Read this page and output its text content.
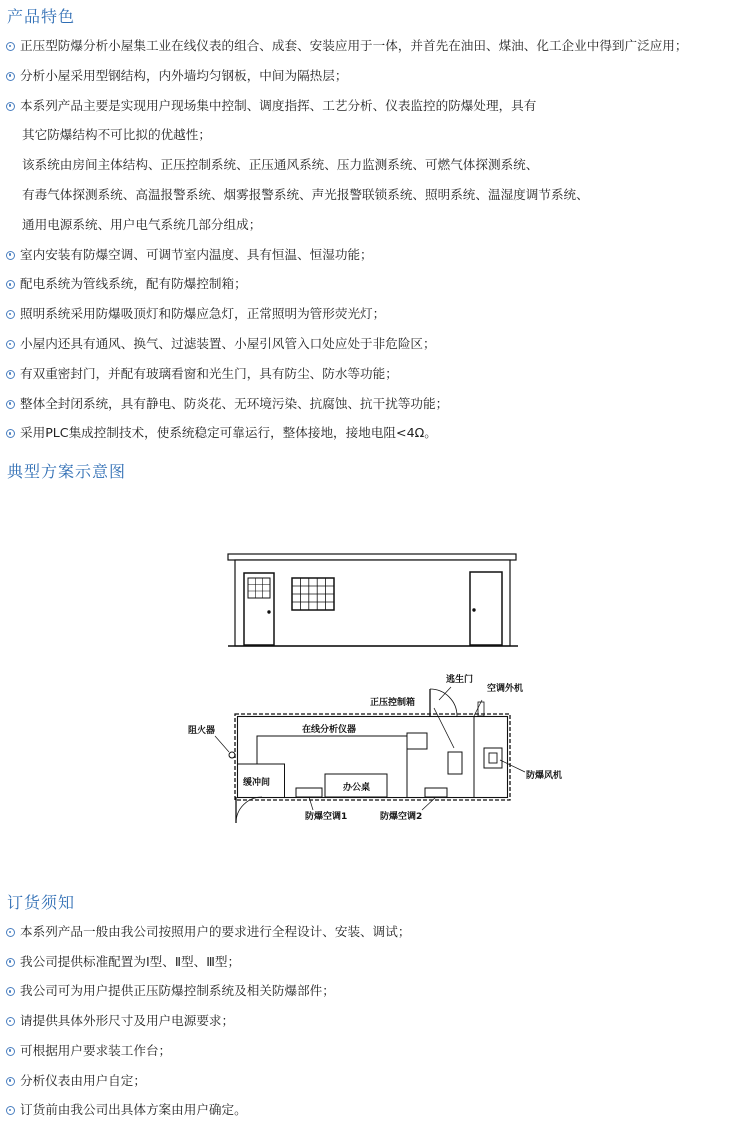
产品特色
正压型防爆分析小屋集工业在线仪表的组合、成套、安装应用于一体，并首先在油田、煤油、化工企业中得到广泛应用；
分析小屋采用型钢结构，内外墙均匀钢板，中间为隔热层；
本系列产品主要是实现用户现场集中控制、调度指挥、工艺分析、仪表监控的防爆处理，具有
其它防爆结构不可比拟的优越性；
该系统由房间主体结构、正压控制系统、正压通风系统、压力监测系统、可燃气体探测系统、
有毒气体探测系统、高温报警系统、烟雾报警系统、声光报警联锁系统、照明系统、温湿度调节系统、
通用电源系统、用户电气系统几部分组成；
室内安装有防爆空调、可调节室内温度、具有恒温、恒湿功能；
配电系统为管线系统，配有防爆控制箱；
照明系统采用防爆吸顶灯和防爆应急灯，正常照明为管形荧光灯；
小屋内还具有通风、换气、过滤装置、小屋引风管入口处应处于非危险区；
有双重密封门，并配有玻璃看窗和光生门，具有防尘、防水等功能；
整体全封闭系统，具有静电、防炎花、无环境污染、抗腐蚀、抗干扰等功能；
采用PLC集成控制技术，使系统稳定可靠运行，整体接地，接地电阻<4Ω。
典型方案示意图
逃生门
正压控制箱
空调外机
在线分析仪器
阻火器
缓冲间	办公桌
防爆风机
防爆空调1	防爆空调2
订货须知
本系列产品一般由我公司按照用户的要求进行全程设计、安装、调试；
我公司提供标准配置为Ⅰ型、Ⅱ型、Ⅲ型；
我公司可为用户提供正压防爆控制系统及相关防爆部件；
请提供具体外形尺寸及用户电源要求；
可根据用户要求装工作台；
分析仪表由用户自定；
订货前由我公司出具体方案由用户确定。
